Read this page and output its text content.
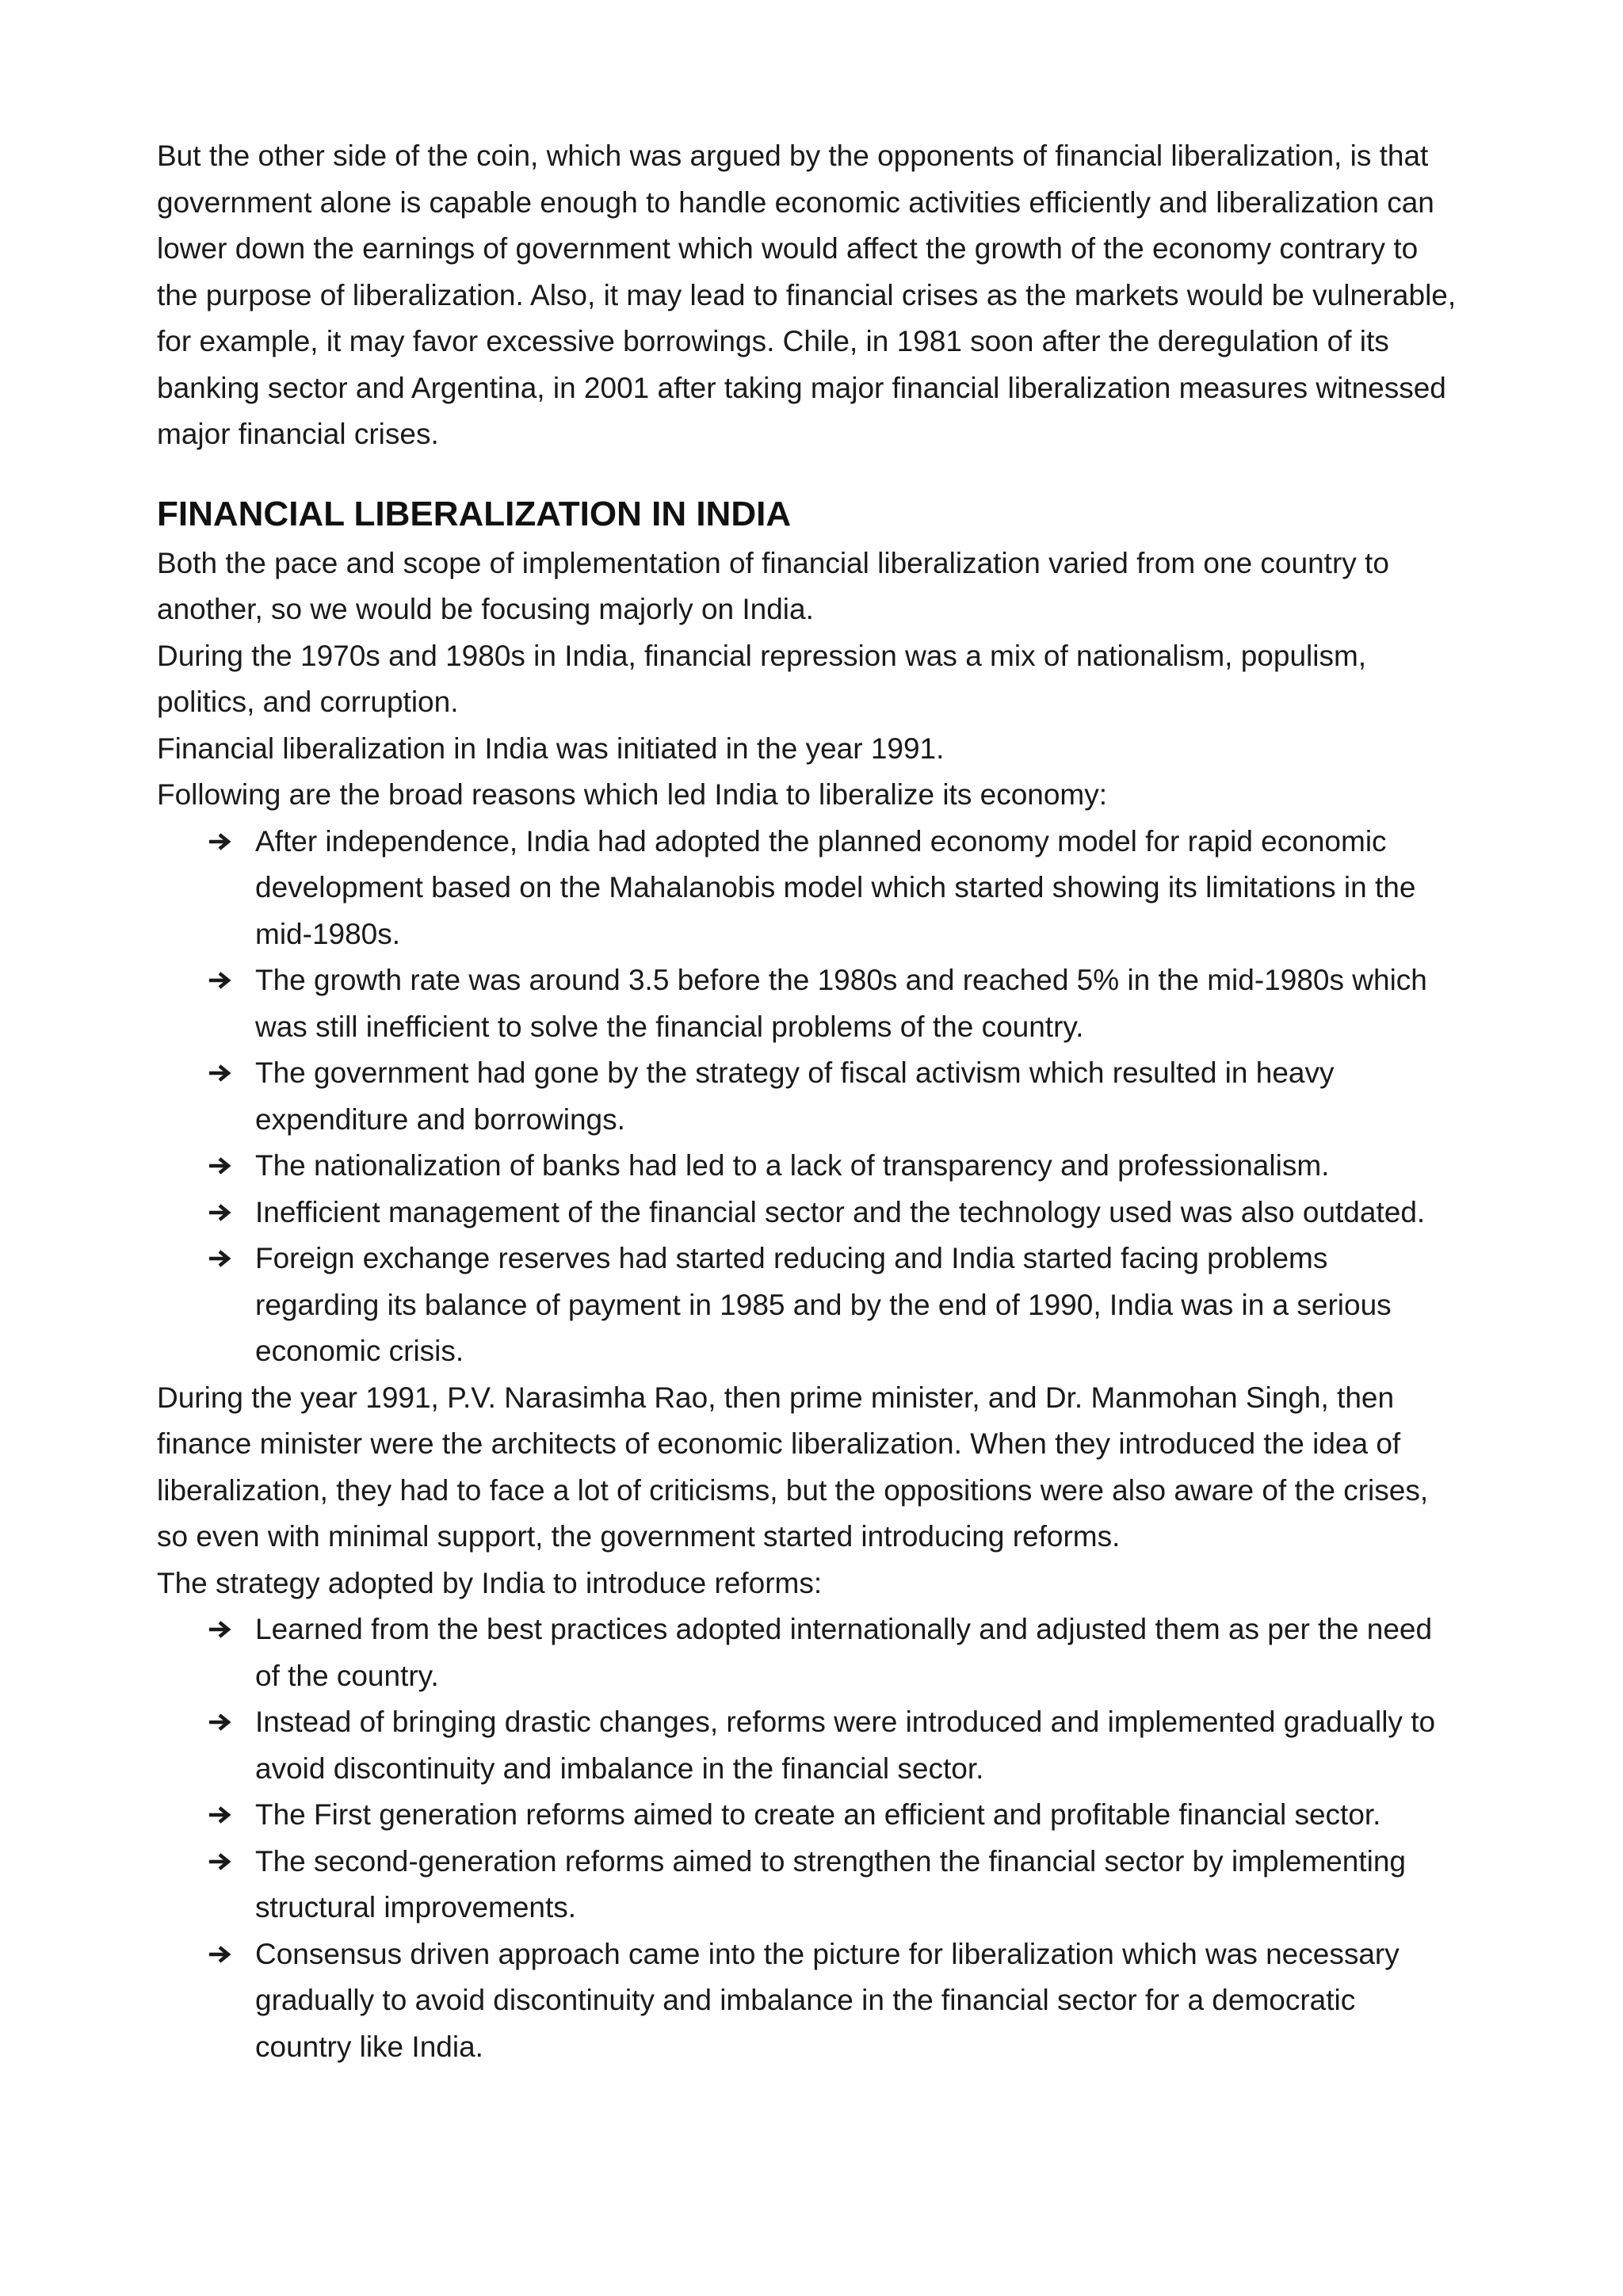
But the other side of the coin, which was argued by the opponents of financial liberalization, is that government alone is capable enough to handle economic activities efficiently and liberalization can lower down the earnings of government which would affect the growth of the economy contrary to the purpose of liberalization. Also, it may lead to financial crises as the markets would be vulnerable, for example, it may favor excessive borrowings. Chile, in 1981 soon after the deregulation of its banking sector and Argentina, in 2001 after taking major financial liberalization measures witnessed major financial crises.

FINANCIAL LIBERALIZATION IN INDIA

Both the pace and scope of implementation of financial liberalization varied from one country to another, so we would be focusing majorly on India.

During the 1970s and 1980s in India, financial repression was a mix of nationalism, populism, politics, and corruption.

Financial liberalization in India was initiated in the year 1991.

Following are the broad reasons which led India to liberalize its economy:

After independence, India had adopted the planned economy model for rapid economic development based on the Mahalanobis model which started showing its limitations in the mid-1980s.
The growth rate was around 3.5 before the 1980s and reached 5% in the mid-1980s which was still inefficient to solve the financial problems of the country.
The government had gone by the strategy of fiscal activism which resulted in heavy expenditure and borrowings.
The nationalization of banks had led to a lack of transparency and professionalism.
Inefficient management of the financial sector and the technology used was also outdated.
Foreign exchange reserves had started reducing and India started facing problems regarding its balance of payment in 1985 and by the end of 1990, India was in a serious economic crisis.

During the year 1991, P.V. Narasimha Rao, then prime minister, and Dr. Manmohan Singh, then finance minister were the architects of economic liberalization. When they introduced the idea of liberalization, they had to face a lot of criticisms, but the oppositions were also aware of the crises, so even with minimal support, the government started introducing reforms.

The strategy adopted by India to introduce reforms:

Learned from the best practices adopted internationally and adjusted them as per the need of the country.
Instead of bringing drastic changes, reforms were introduced and implemented gradually to avoid discontinuity and imbalance in the financial sector.
The First generation reforms aimed to create an efficient and profitable financial sector.
The second-generation reforms aimed to strengthen the financial sector by implementing structural improvements.
Consensus driven approach came into the picture for liberalization which was necessary gradually to avoid discontinuity and imbalance in the financial sector for a democratic country like India.
